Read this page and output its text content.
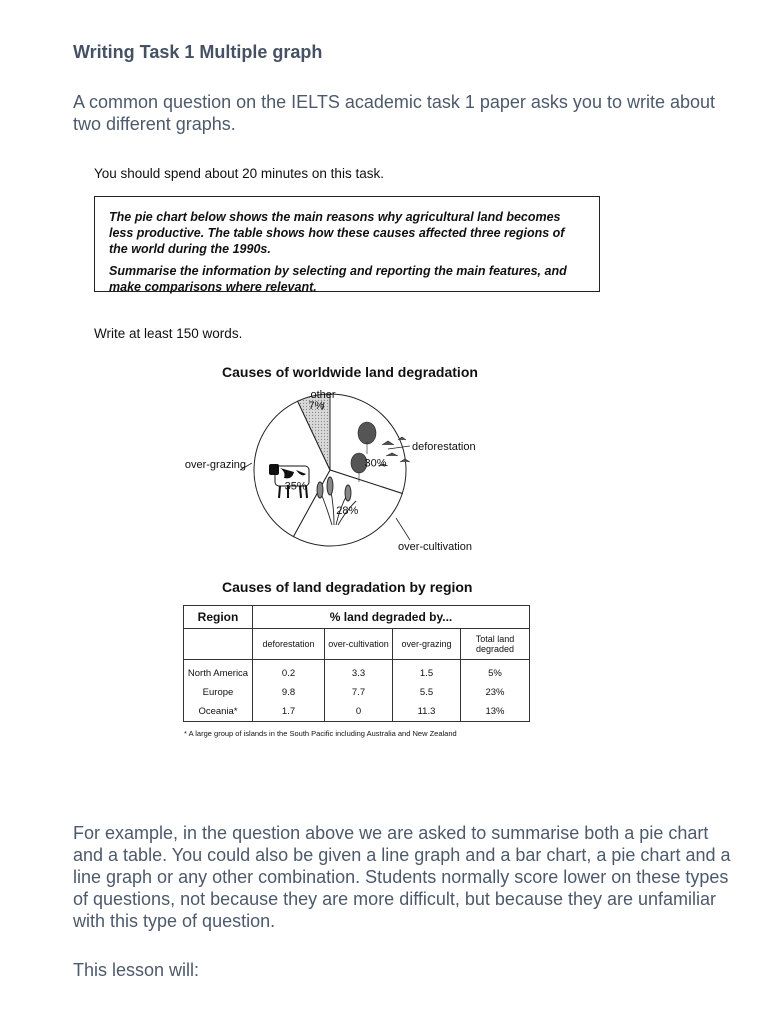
Writing Task 1 Multiple graph
A common question on the IELTS academic task 1 paper asks you to write about two different graphs.
You should spend about 20 minutes on this task.

The pie chart below shows the main reasons why agricultural land becomes less productive. The table shows how these causes affected three regions of the world during the 1990s.

Summarise the information by selecting and reporting the main features, and make comparisons where relevant.

Write at least 150 words.
Causes of worldwide land degradation
30%
28%
35%
7%
deforestation
over-cultivation
over-grazing
other
Causes of land degradation by region
Region	% land degraded by...			
	deforestation	over-cultivation	over-grazing	Total land degraded
North America	0.2	3.3	1.5	5%
Europe	9.8	7.7	5.5	23%
Oceania*	1.7	0	11.3	13%
* A large group of islands in the South Pacific including Australia and New Zealand
For example, in the question above we are asked to summarise both a pie chart and a table. You could also be given a line graph and a bar chart, a pie chart and a line graph or any other combination. Students normally score lower on these types of questions, not because they are more difficult, but because they are unfamiliar with this type of question.
This lesson will:
